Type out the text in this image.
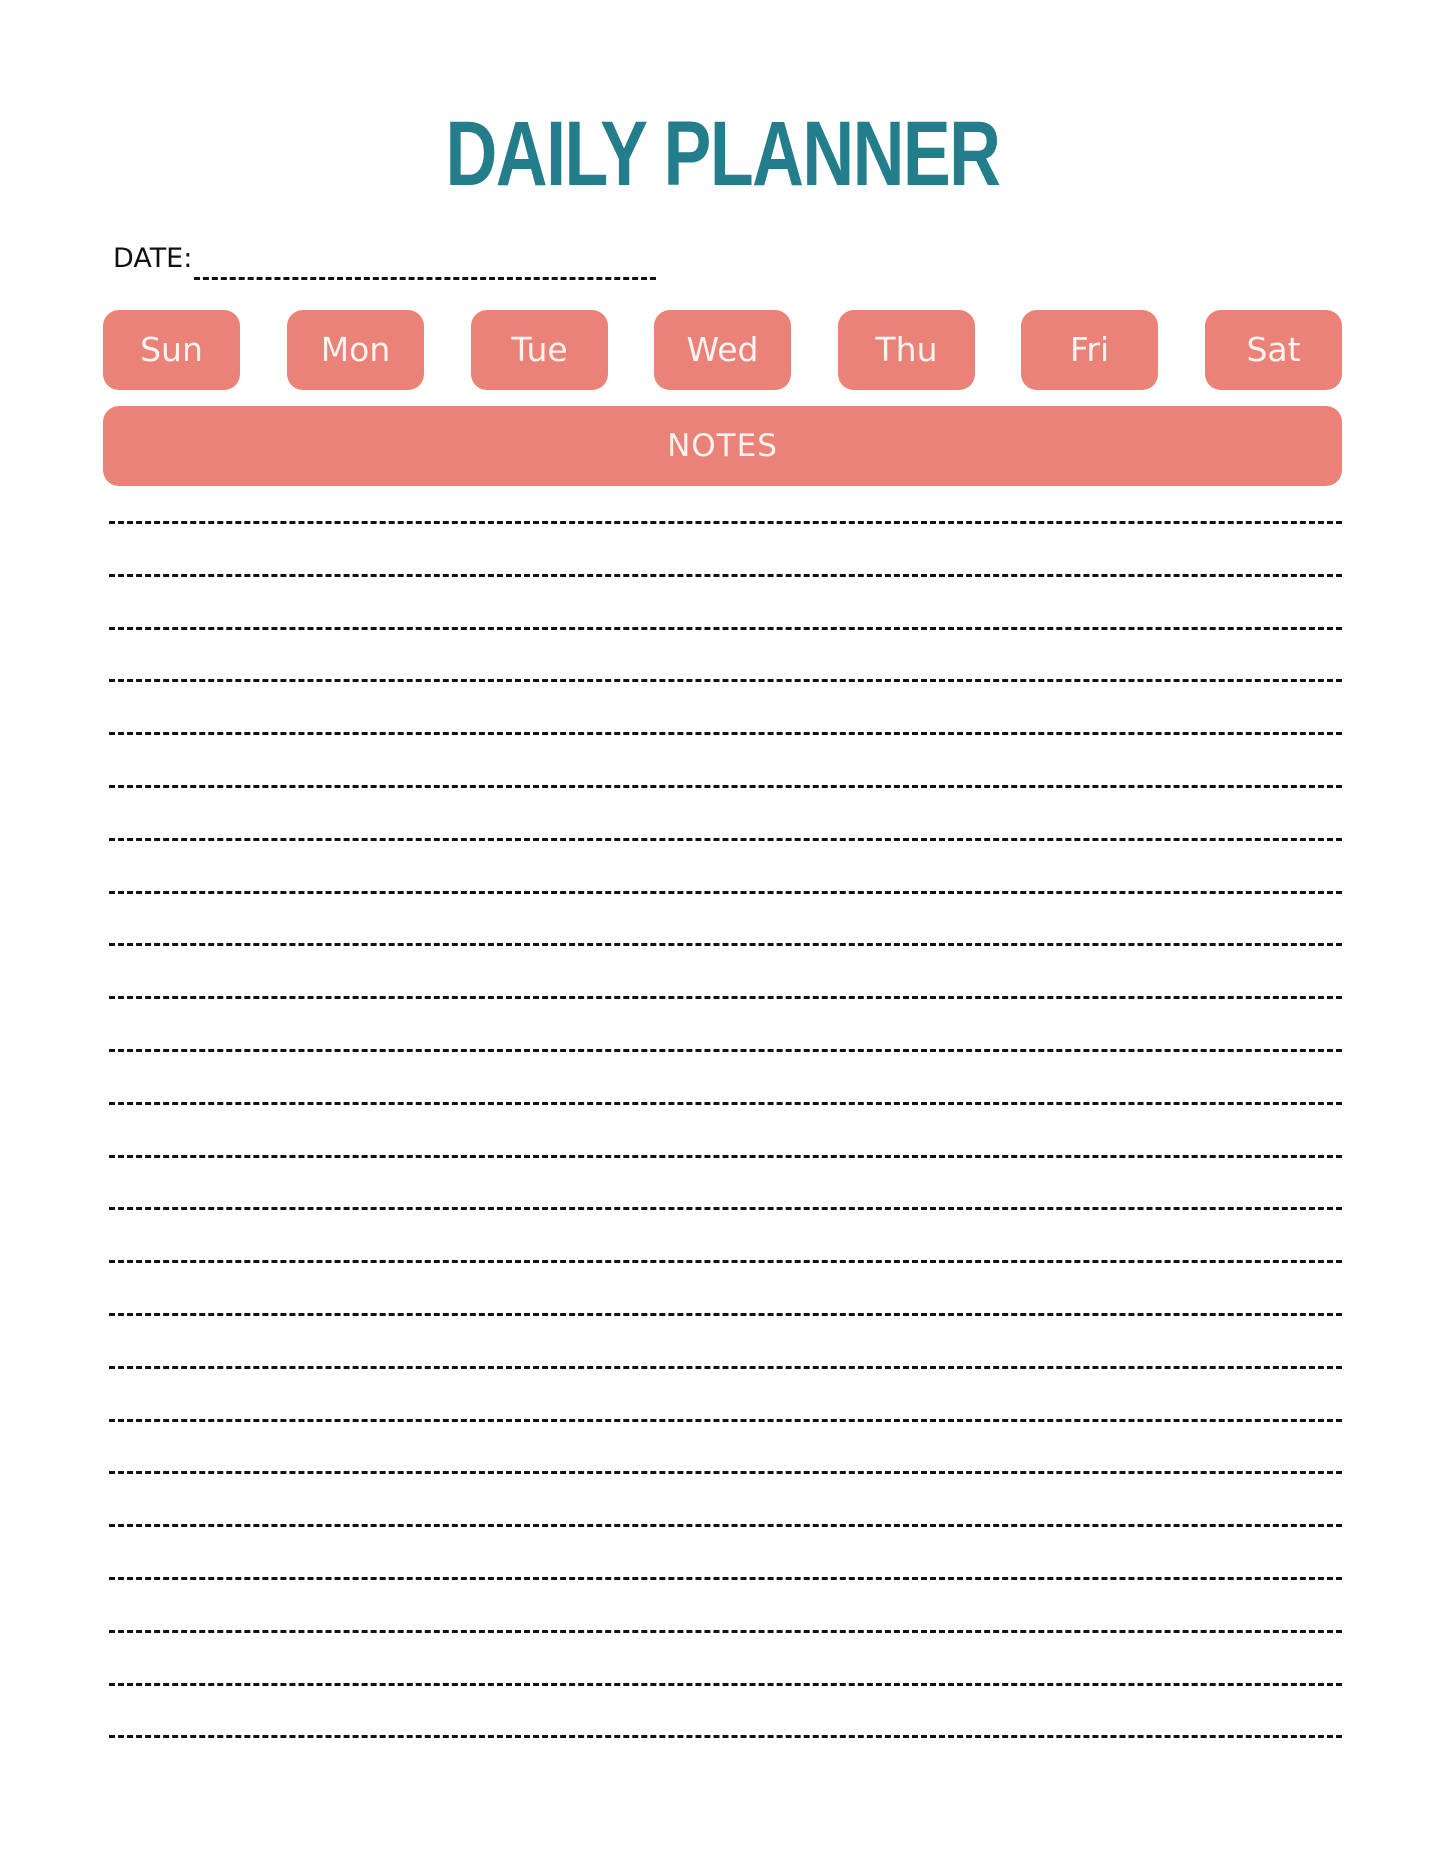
DAILY PLANNER
DATE:
Sun	Mon	Tue	Wed	Thu	Fri	Sat
NOTES
